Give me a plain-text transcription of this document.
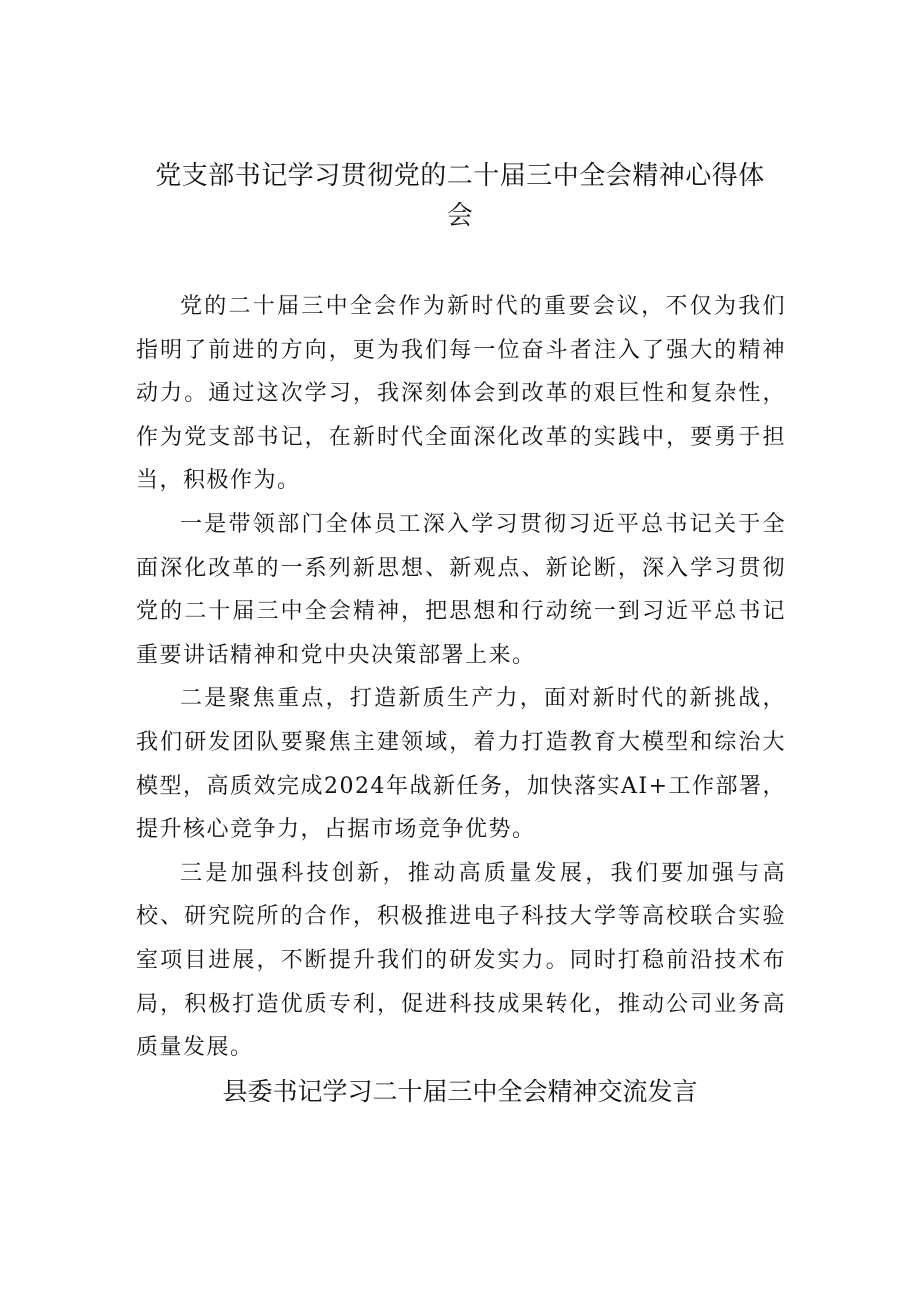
党支部书记学习贯彻党的二十届三中全会精神心得体会

党的二十届三中全会作为新时代的重要会议，不仅为我们指明了前进的方向，更为我们每一位奋斗者注入了强大的精神动力。通过这次学习，我深刻体会到改革的艰巨性和复杂性，作为党支部书记，在新时代全面深化改革的实践中，要勇于担当，积极作为。

一是带领部门全体员工深入学习贯彻习近平总书记关于全面深化改革的一系列新思想、新观点、新论断，深入学习贯彻党的二十届三中全会精神，把思想和行动统一到习近平总书记重要讲话精神和党中央决策部署上来。

二是聚焦重点，打造新质生产力，面对新时代的新挑战，我们研发团队要聚焦主建领域，着力打造教育大模型和综治大模型，高质效完成2024年战新任务，加快落实AI+工作部署，提升核心竞争力，占据市场竞争优势。

三是加强科技创新，推动高质量发展，我们要加强与高校、研究院所的合作，积极推进电子科技大学等高校联合实验室项目进展，不断提升我们的研发实力。同时打稳前沿技术布局，积极打造优质专利，促进科技成果转化，推动公司业务高质量发展。

县委书记学习二十届三中全会精神交流发言
